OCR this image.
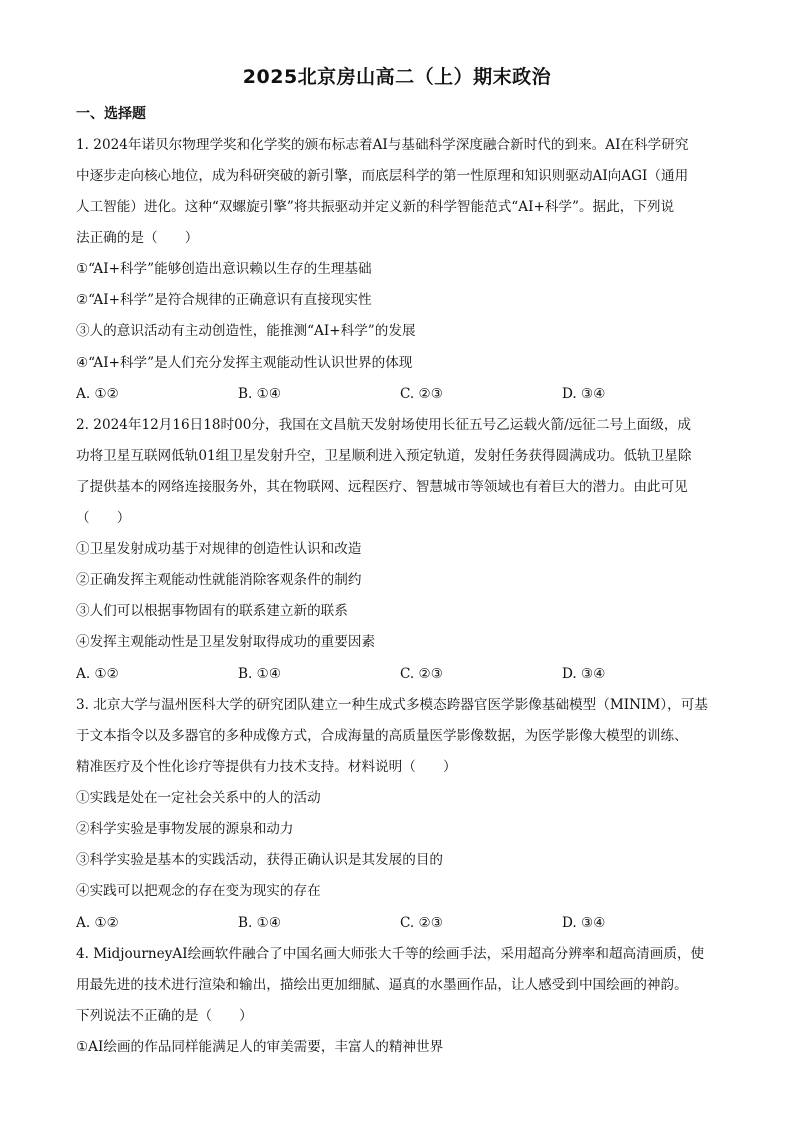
2025北京房山高二（上）期末政治
一、选择题
1. 2024年诺贝尔物理学奖和化学奖的颁布标志着AI与基础科学深度融合新时代的到来。AI在科学研究
中逐步走向核心地位，成为科研突破的新引擎，而底层科学的第一性原理和知识则驱动AI向AGI（通用
人工智能）进化。这种“双螺旋引擎”将共振驱动并定义新的科学智能范式“AI+科学”。据此，下列说
法正确的是（　　）
①“AI+科学”能够创造出意识赖以生存的生理基础
②“AI+科学”是符合规律的正确意识有直接现实性
③人的意识活动有主动创造性，能推测“AI+科学”的发展
④“AI+科学”是人们充分发挥主观能动性认识世界的体现
A. ①②	B. ①④	C. ②③	D. ③④
2. 2024年12月16日18时00分，我国在文昌航天发射场使用长征五号乙运载火箭/远征二号上面级，成
功将卫星互联网低轨01组卫星发射升空，卫星顺利进入预定轨道，发射任务获得圆满成功。低轨卫星除
了提供基本的网络连接服务外，其在物联网、远程医疗、智慧城市等领域也有着巨大的潜力。由此可见
（　　）
①卫星发射成功基于对规律的创造性认识和改造
②正确发挥主观能动性就能消除客观条件的制约
③人们可以根据事物固有的联系建立新的联系
④发挥主观能动性是卫星发射取得成功的重要因素
A. ①②	B. ①④	C. ②③	D. ③④
3. 北京大学与温州医科大学的研究团队建立一种生成式多模态跨器官医学影像基础模型（MINIM），可基
于文本指令以及多器官的多种成像方式，合成海量的高质量医学影像数据，为医学影像大模型的训练、
精准医疗及个性化诊疗等提供有力技术支持。材料说明（　　）
①实践是处在一定社会关系中的人的活动
②科学实验是事物发展的源泉和动力
③科学实验是基本的实践活动，获得正确认识是其发展的目的
④实践可以把观念的存在变为现实的存在
A. ①②	B. ①④	C. ②③	D. ③④
4. MidjourneyAI绘画软件融合了中国名画大师张大千等的绘画手法，采用超高分辨率和超高清画质，使
用最先进的技术进行渲染和输出，描绘出更加细腻、逼真的水墨画作品，让人感受到中国绘画的神韵。
下列说法不正确的是（　　）
①AI绘画的作品同样能满足人的审美需要，丰富人的精神世界
